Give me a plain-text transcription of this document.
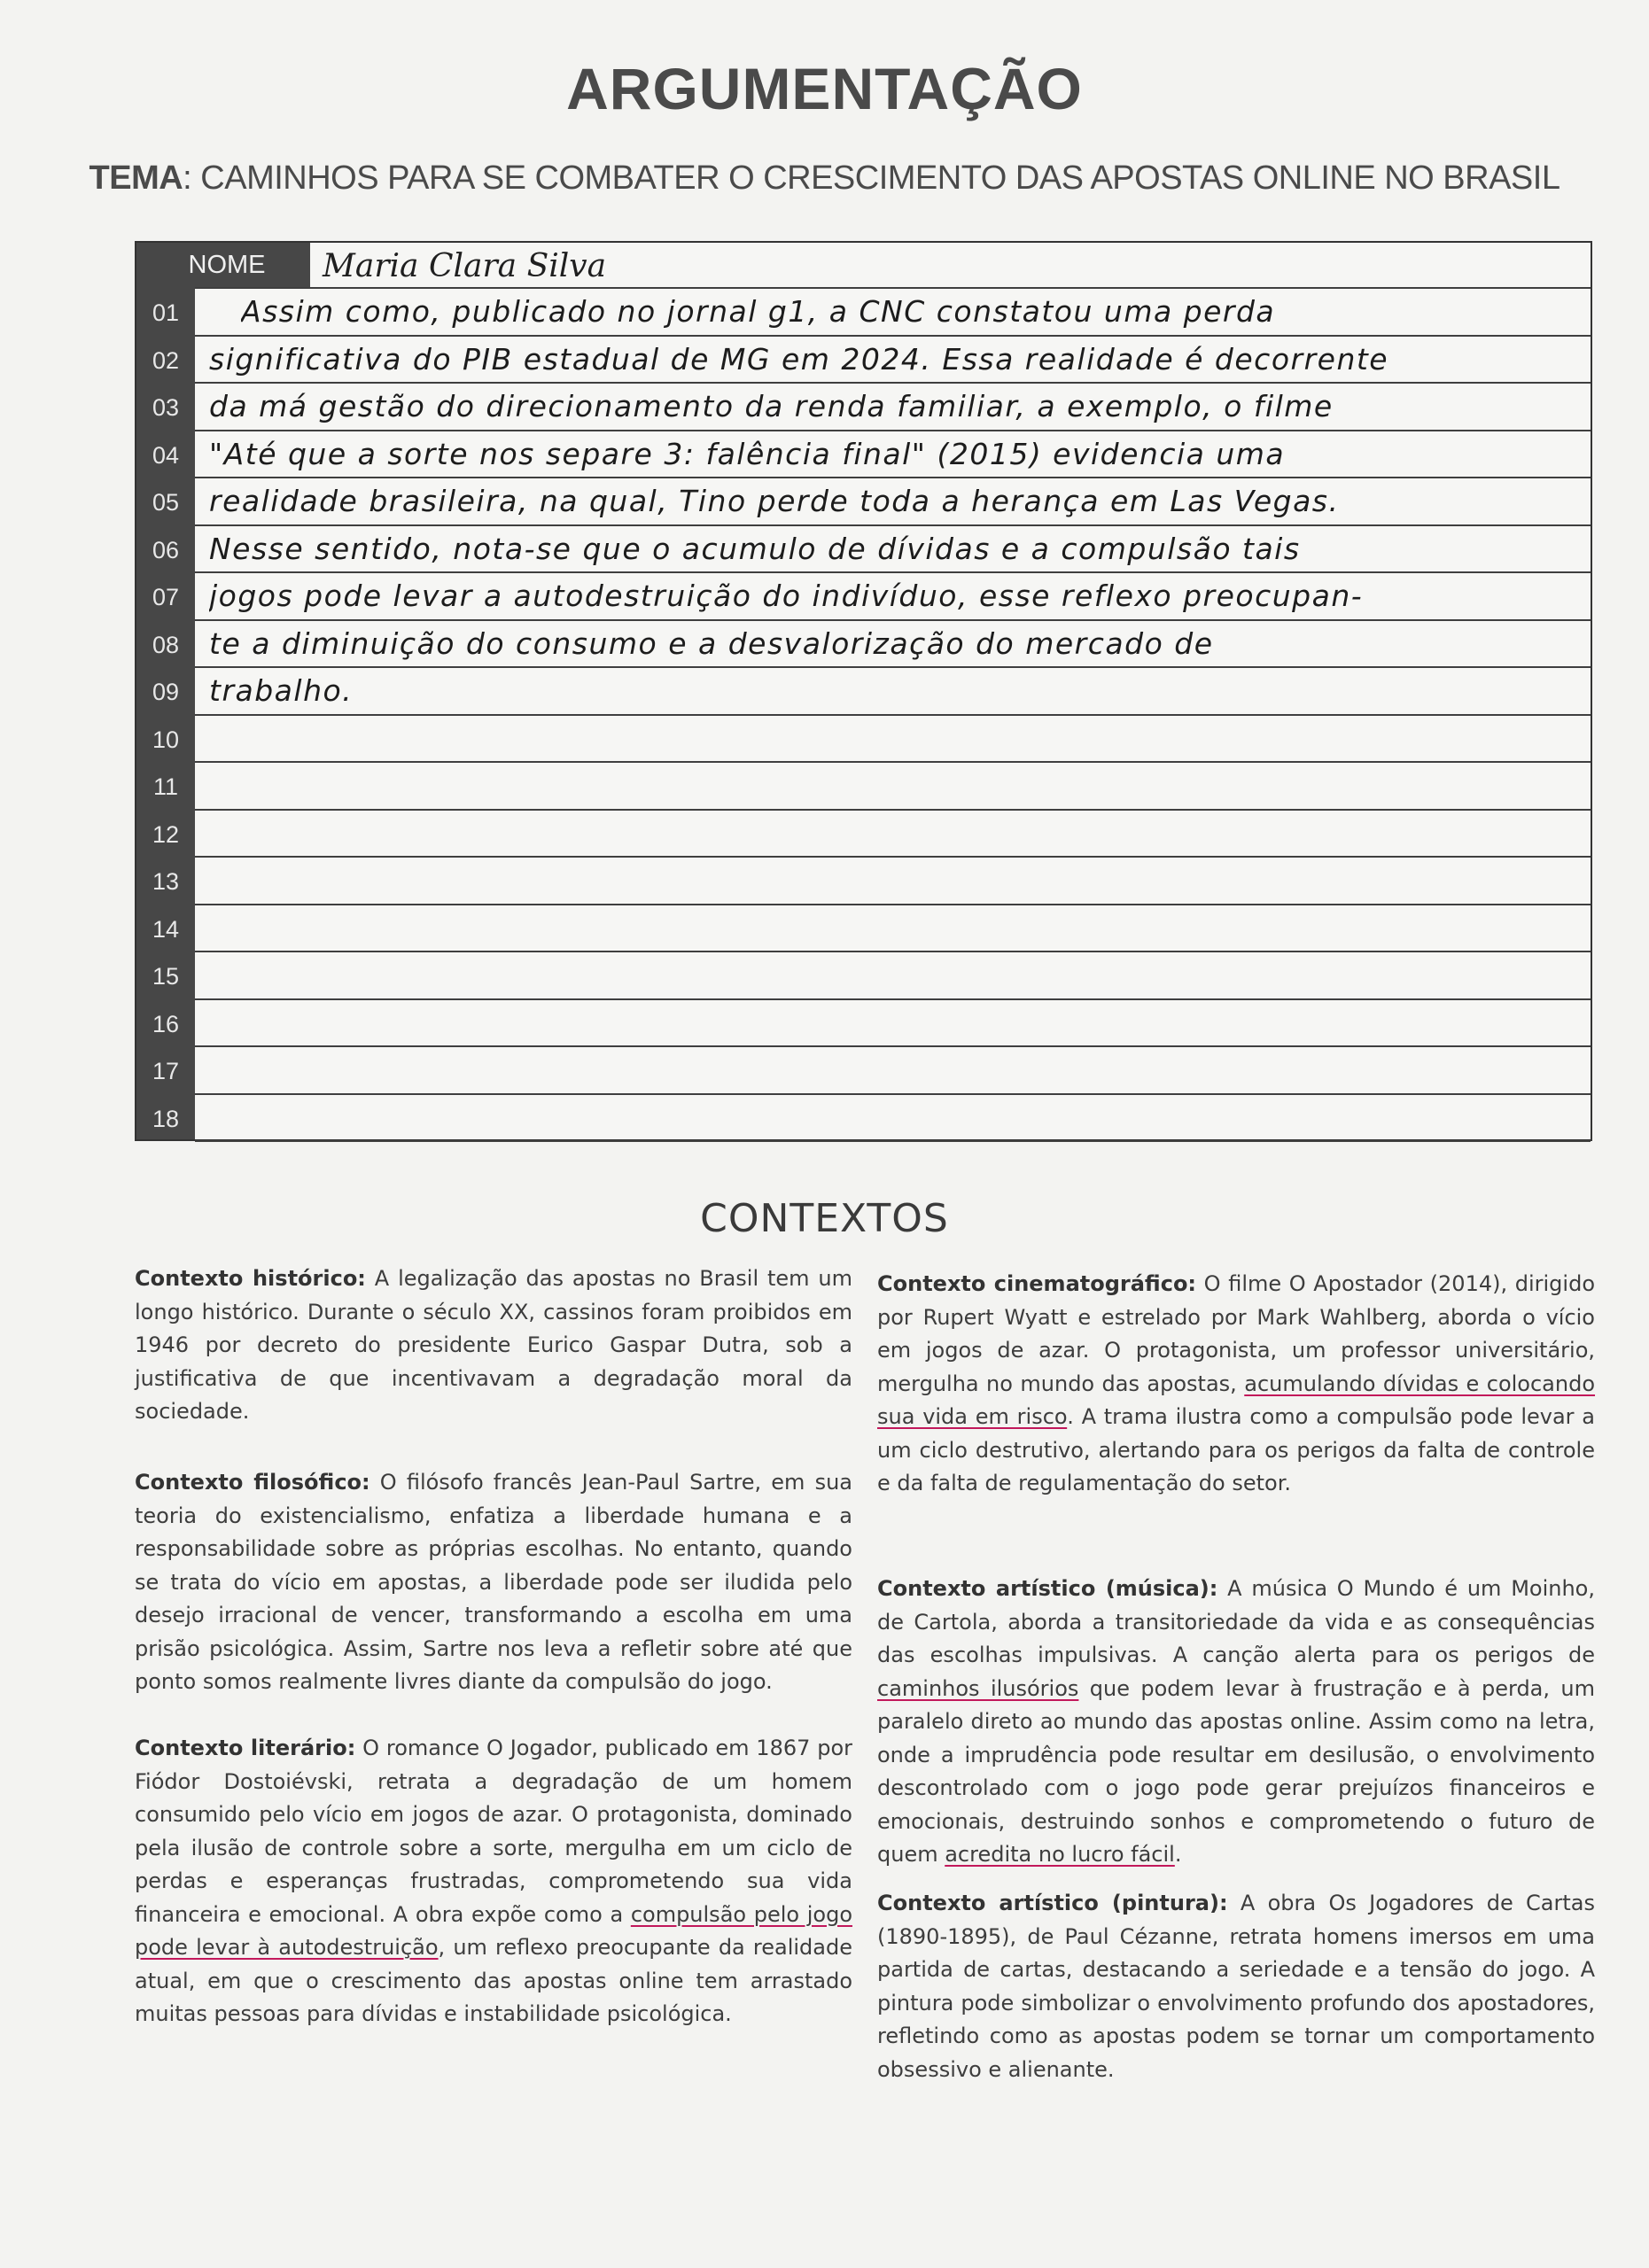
ARGUMENTAÇÃO
TEMA: CAMINHOS PARA SE COMBATER O CRESCIMENTO DAS APOSTAS ONLINE NO BRASIL
NOME	Maria Clara Silva
01
02
03
04
05
06
07
08
09
10
11
12
13
14
15
16
17
18
Assim como, publicado no jornal g1, a CNC constatou uma perda
significativa do PIB estadual de MG em 2024. Essa realidade é decorrente
da má gestão do direcionamento da renda familiar, a exemplo, o filme
"Até que a sorte nos separe 3: falência final" (2015) evidencia uma
realidade brasileira, na qual, Tino perde toda a herança em Las Vegas.
Nesse sentido, nota-se que o acumulo de dívidas e a compulsão tais
jogos pode levar a autodestruição do indivíduo, esse reflexo preocupan-
te a diminuição do consumo e a desvalorização do mercado de
trabalho.
CONTEXTOS
Contexto histórico: A legalização das apostas no Brasil tem um longo histórico. Durante o século XX, cassinos foram proibidos em 1946 por decreto do presidente Eurico Gaspar Dutra, sob a justificativa de que incentivavam a degradação moral da sociedade.
Contexto filosófico: O filósofo francês Jean-Paul Sartre, em sua teoria do existencialismo, enfatiza a liberdade humana e a responsabilidade sobre as próprias escolhas. No entanto, quando se trata do vício em apostas, a liberdade pode ser iludida pelo desejo irracional de vencer, transformando a escolha em uma prisão psicológica. Assim, Sartre nos leva a refletir sobre até que ponto somos realmente livres diante da compulsão do jogo.
Contexto literário: O romance O Jogador, publicado em 1867 por Fiódor Dostoiévski, retrata a degradação de um homem consumido pelo vício em jogos de azar. O protagonista, dominado pela ilusão de controle sobre a sorte, mergulha em um ciclo de perdas e esperanças frustradas, comprometendo sua vida financeira e emocional. A obra expõe como a compulsão pelo jogo pode levar à autodestruição, um reflexo preocupante da realidade atual, em que o crescimento das apostas online tem arrastado muitas pessoas para dívidas e instabilidade psicológica.
Contexto cinematográfico: O filme O Apostador (2014), dirigido por Rupert Wyatt e estrelado por Mark Wahlberg, aborda o vício em jogos de azar. O protagonista, um professor universitário, mergulha no mundo das apostas, acumulando dívidas e colocando sua vida em risco. A trama ilustra como a compulsão pode levar a um ciclo destrutivo, alertando para os perigos da falta de controle e da falta de regulamentação do setor.
Contexto artístico (música): A música O Mundo é um Moinho, de Cartola, aborda a transitoriedade da vida e as consequências das escolhas impulsivas. A canção alerta para os perigos de caminhos ilusórios que podem levar à frustração e à perda, um paralelo direto ao mundo das apostas online. Assim como na letra, onde a imprudência pode resultar em desilusão, o envolvimento descontrolado com o jogo pode gerar prejuízos financeiros e emocionais, destruindo sonhos e comprometendo o futuro de quem acredita no lucro fácil.
Contexto artístico (pintura): A obra Os Jogadores de Cartas (1890-1895), de Paul Cézanne, retrata homens imersos em uma partida de cartas, destacando a seriedade e a tensão do jogo. A pintura pode simbolizar o envolvimento profundo dos apostadores, refletindo como as apostas podem se tornar um comportamento obsessivo e alienante.
